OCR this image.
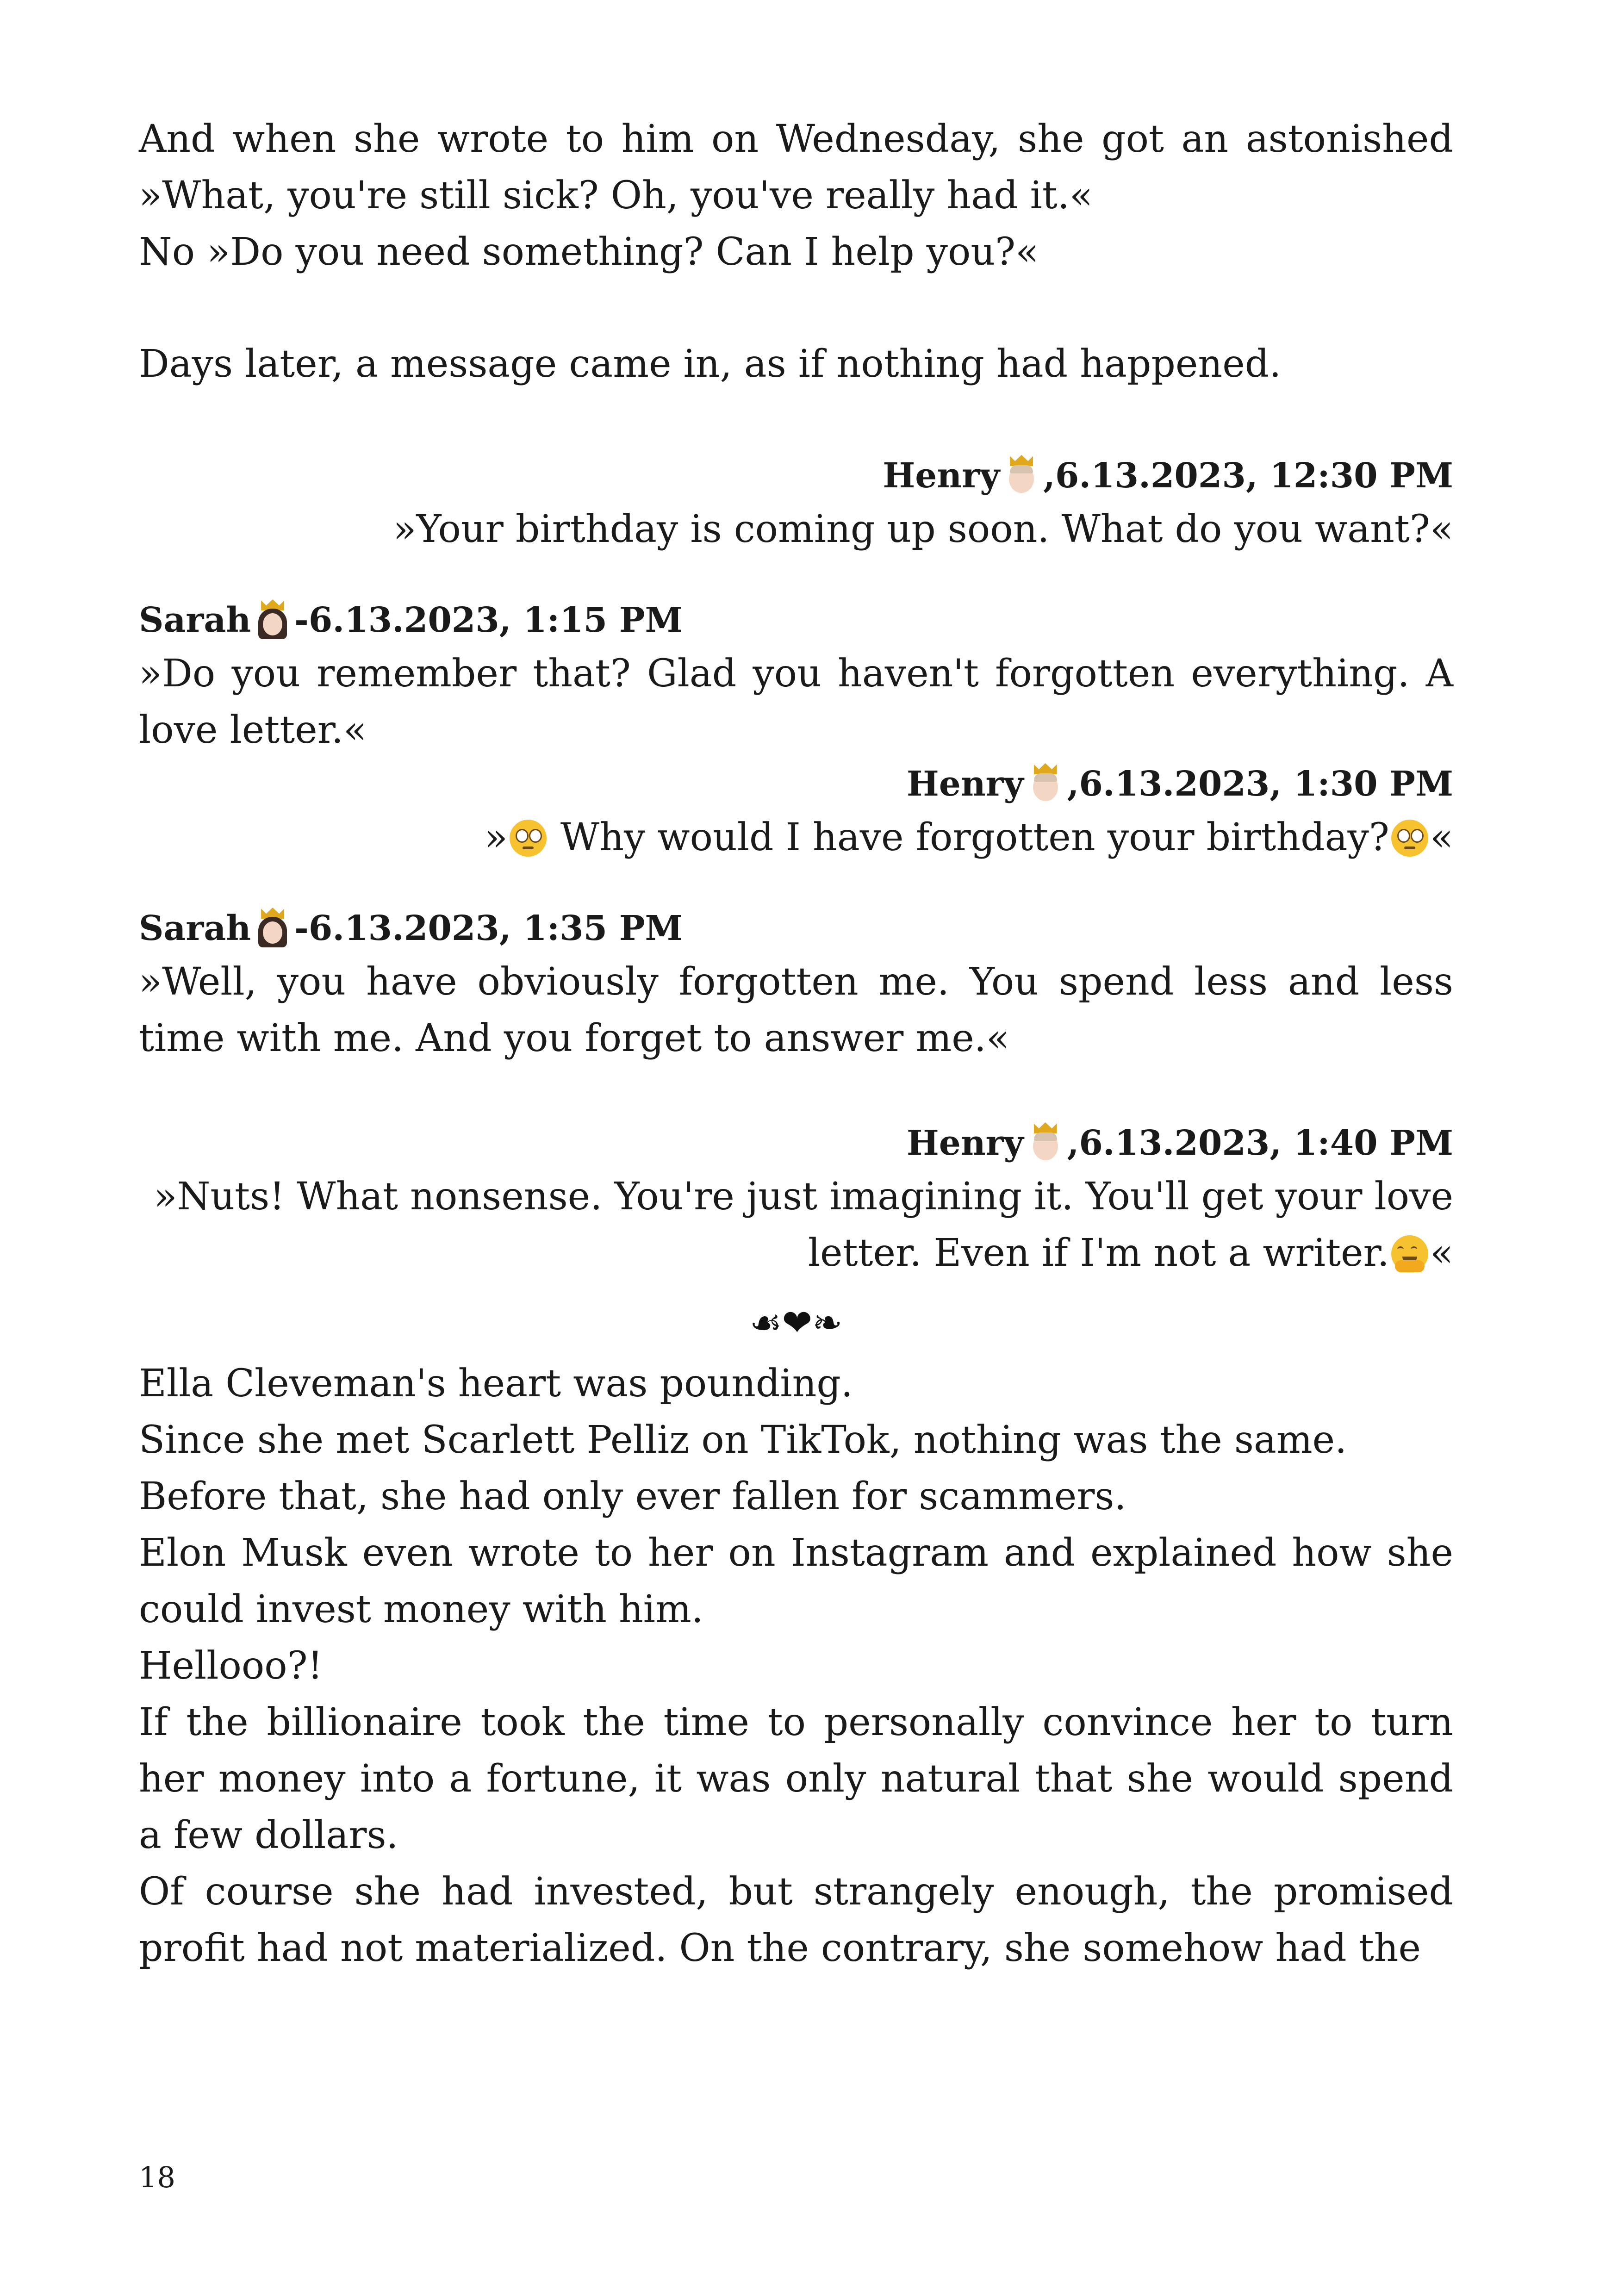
And when she wrote to him on Wednesday, she got an astonished »What, you're still sick? Oh, you've really had it.«

No »Do you need something? Can I help you?«

Days later, a message came in, as if nothing had happened.

Henry , 6.13.2023, 12:30 PM

»Your birthday is coming up soon. What do you want?«

Sarah - 6.13.2023, 1:15 PM

»Do you remember that? Glad you haven't forgotten everything. A love letter.«

Henry , 6.13.2023, 1:30 PM

»
Why would I have forgotten your birthday? «

Sarah - 6.13.2023, 1:35 PM

»Well, you have obviously forgotten me. You spend less and less time with me. And you forget to answer me.«

Henry , 6.13.2023, 1:40 PM

»Nuts! What nonsense. You're just imagining it. You'll get your love
letter. Even if I'm not a writer. «

☙❤❧

Ella Cleveman's heart was pounding.

Since she met Scarlett Pelliz on TikTok, nothing was the same.

Before that, she had only ever fallen for scammers.

Elon Musk even wrote to her on Instagram and explained how she could invest money with him.

Hellooo?!

If the billionaire took the time to personally convince her to turn her money into a fortune, it was only natural that she would spend a few dollars.

Of course she had invested, but strangely enough, the promised profit had not materialized. On the contrary, she somehow had the

18
